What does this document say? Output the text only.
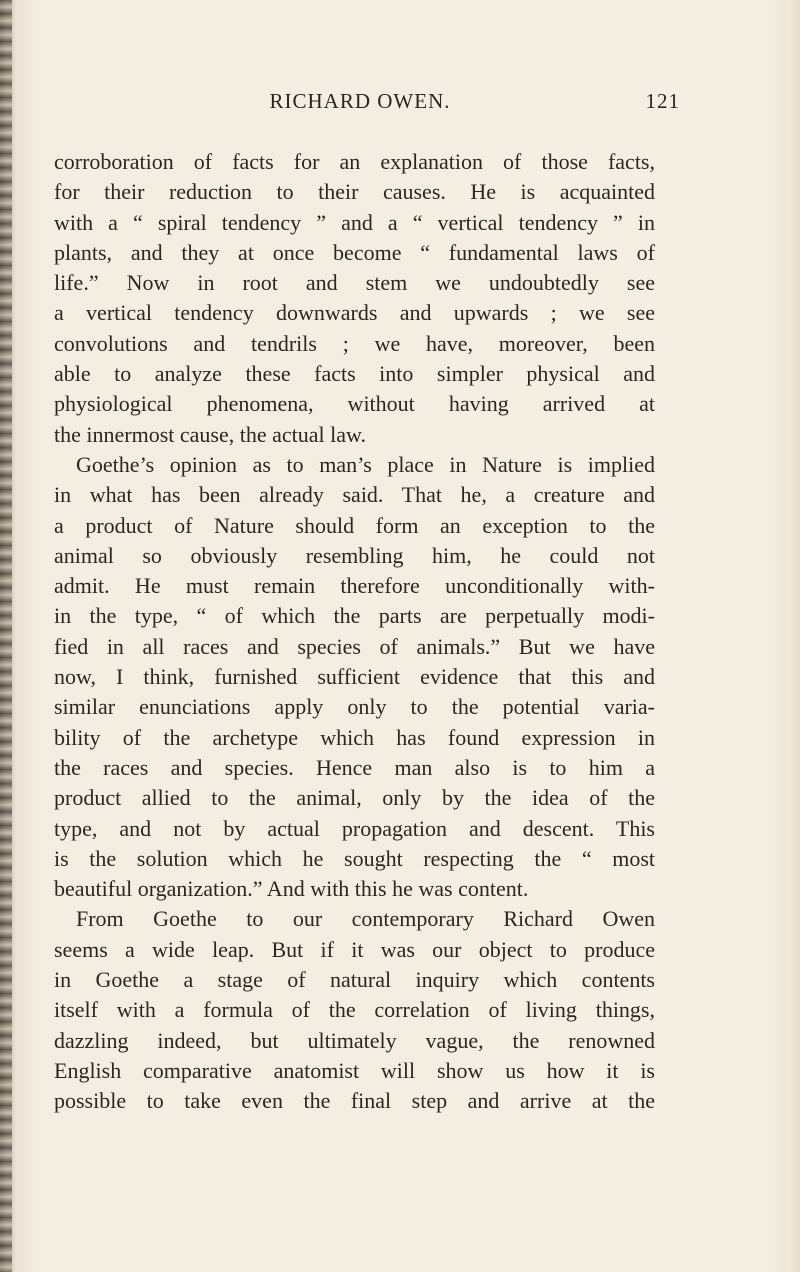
RICHARD OWEN.	121

corroboration of facts for an explanation of those facts,
for their reduction to their causes. He is acquainted
with a “ spiral tendency ” and a “ vertical tendency ” in
plants, and they at once become “ fundamental laws of
life.” Now in root and stem we undoubtedly see
a vertical tendency downwards and upwards ; we see
convolutions and tendrils ; we have, moreover, been
able to analyze these facts into simpler physical and
physiological phenomena, without having arrived at
the innermost cause, the actual law.

Goethe’s opinion as to man’s place in Nature is implied
in what has been already said. That he, a creature and
a product of Nature should form an exception to the
animal so obviously resembling him, he could not
admit. He must remain therefore unconditionally with-
in the type, “ of which the parts are perpetually modi-
fied in all races and species of animals.” But we have
now, I think, furnished sufficient evidence that this and
similar enunciations apply only to the potential varia-
bility of the archetype which has found expression in
the races and species. Hence man also is to him a
product allied to the animal, only by the idea of the
type, and not by actual propagation and descent. This
is the solution which he sought respecting the “ most
beautiful organization.” And with this he was content.

From Goethe to our contemporary Richard Owen
seems a wide leap. But if it was our object to produce
in Goethe a stage of natural inquiry which contents
itself with a formula of the correlation of living things,
dazzling indeed, but ultimately vague, the renowned
English comparative anatomist will show us how it is
possible to take even the final step and arrive at the
